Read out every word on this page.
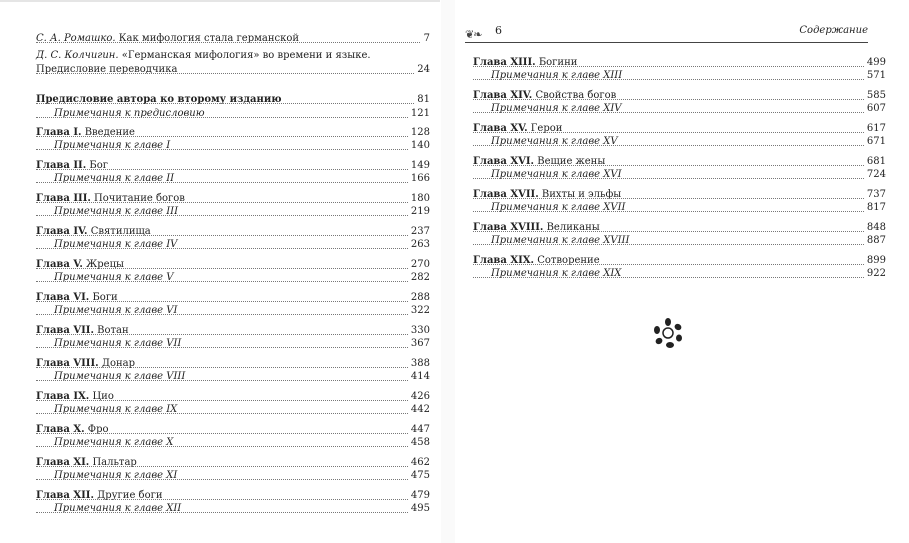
С. А. Ромашко. Как мифология стала германской	7
Д. С. Колчигин. «Германская мифология» во времени и языке.
Предисловие переводчика	24
Предисловие автора ко второму изданию	81
Примечания к предисловию	121
Глава I. Введение	128
Примечания к главе I	140
Глава II. Бог	149
Примечания к главе II	166
Глава III. Почитание богов	180
Примечания к главе III	219
Глава IV. Святилища	237
Примечания к главе IV	263
Глава V. Жрецы	270
Примечания к главе V	282
Глава VI. Боги	288
Примечания к главе VI	322
Глава VII. Вотан	330
Примечания к главе VII	367
Глава VIII. Донар	388
Примечания к главе VIII	414
Глава IX. Цио	426
Примечания к главе IX	442
Глава X. Фро	447
Примечания к главе X	458
Глава XI. Пальтар	462
Примечания к главе XI	475
Глава XII. Другие боги	479
Примечания к главе XII	495
❦❧ 6	Содержание
Глава XIII. Богини	499
Примечания к главе XIII	571
Глава XIV. Свойства богов	585
Примечания к главе XIV	607
Глава XV. Герои	617
Примечания к главе XV	671
Глава XVI. Вещие жены	681
Примечания к главе XVI	724
Глава XVII. Вихты и эльфы	737
Примечания к главе XVII	817
Глава XVIII. Великаны	848
Примечания к главе XVIII	887
Глава XIX. Сотворение	899
Примечания к главе XIX	922
